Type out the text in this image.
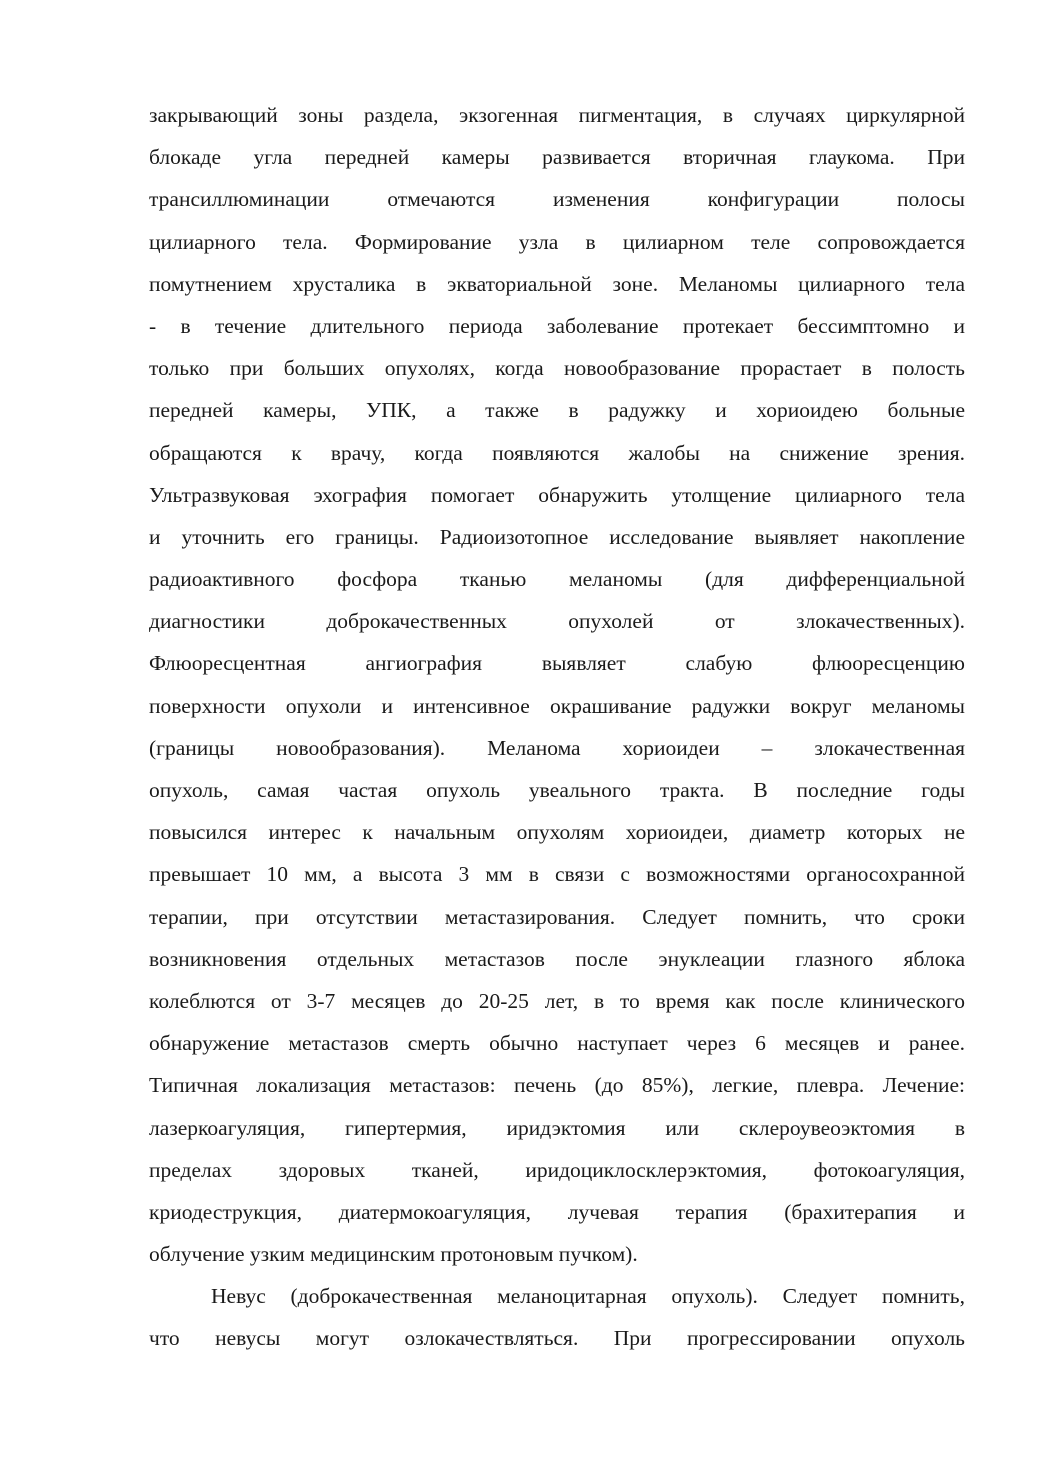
закрывающий зоны раздела, экзогенная пигментация, в случаях циркулярной
блокаде угла передней камеры развивается вторичная глаукома. При
трансиллюминации отмечаются изменения конфигурации полосы
цилиарного тела. Формирование узла в цилиарном теле сопровождается
помутнением хрусталика в экваториальной зоне. Меланомы цилиарного тела
- в течение длительного периода заболевание протекает бессимптомно и
только при больших опухолях, когда новообразование прорастает в полость
передней камеры, УПК, а также в радужку и хориоидею больные
обращаются к врачу, когда появляются жалобы на снижение зрения.
Ультразвуковая эхография помогает обнаружить утолщение цилиарного тела
и уточнить его границы. Радиоизотопное исследование выявляет накопление
радиоактивного фосфора тканью меланомы (для дифференциальной
диагностики доброкачественных опухолей от злокачественных).
Флюоресцентная ангиография выявляет слабую флюоресценцию
поверхности опухоли и интенсивное окрашивание радужки вокруг меланомы
(границы новообразования). Меланома хориоидеи – злокачественная
опухоль, самая частая опухоль увеального тракта. В последние годы
повысился интерес к начальным опухолям хориоидеи, диаметр которых не
превышает 10 мм, а высота 3 мм в связи с возможностями органосохранной
терапии, при отсутствии метастазирования. Следует помнить, что сроки
возникновения отдельных метастазов после энуклеации глазного яблока
колеблются от 3-7 месяцев до 20-25 лет, в то время как после клинического
обнаружение метастазов смерть обычно наступает через 6 месяцев и ранее.
Типичная локализация метастазов: печень (до 85%), легкие, плевра. Лечение:
лазеркоагуляция, гипертермия, иридэктомия или склероувеоэктомия в
пределах здоровых тканей, иридоциклосклерэктомия, фотокоагуляция,
криодеструкция, диатермокоагуляция, лучевая терапия (брахитерапия и
облучение узким медицинским протоновым пучком).
Невус (доброкачественная меланоцитарная опухоль). Следует помнить,
что невусы могут озлокачествляться. При прогрессировании опухоль
